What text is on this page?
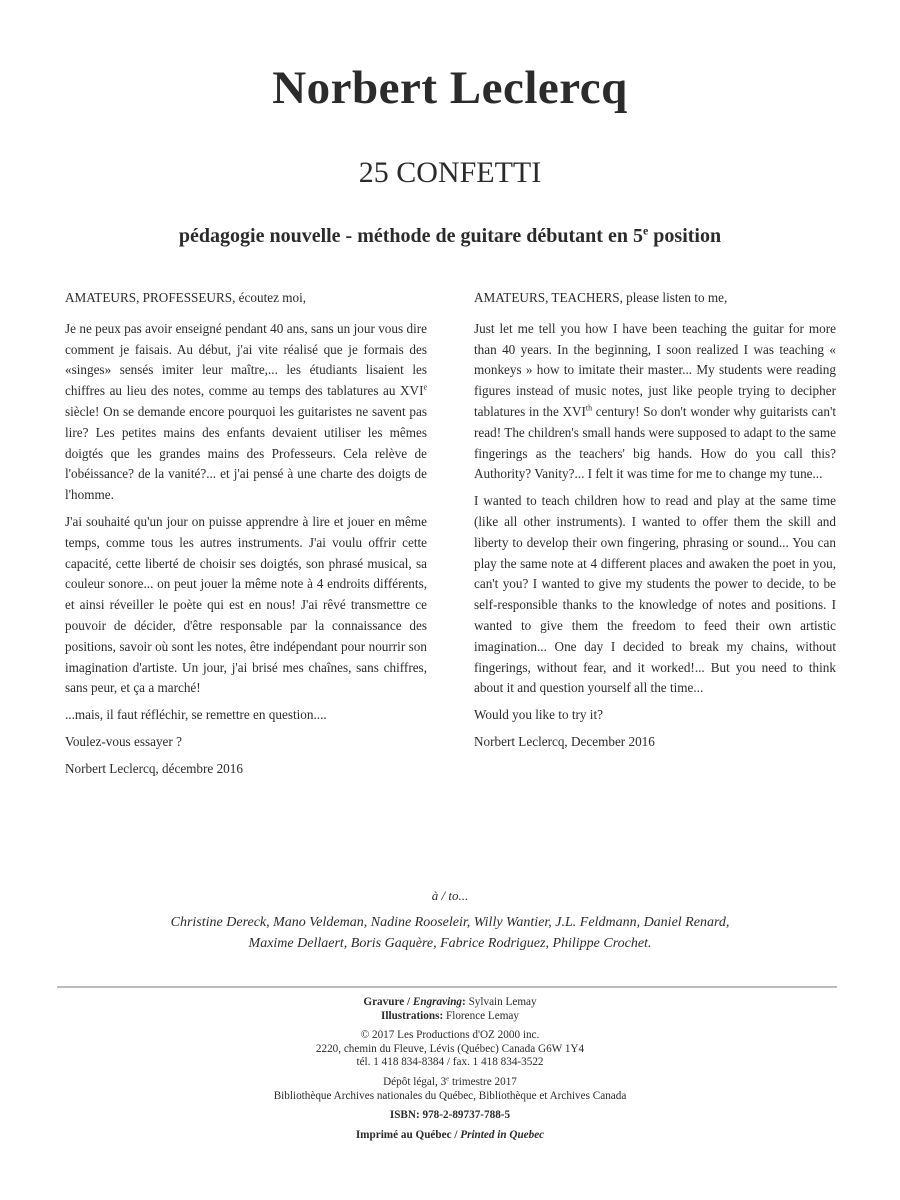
Norbert Leclercq
25 CONFETTI
pédagogie nouvelle - méthode de guitare débutant en 5e position

AMATEURS, PROFESSEURS, écoutez moi,

Je ne peux pas avoir enseigné pendant 40 ans, sans un jour vous dire comment je faisais. Au début, j'ai vite réalisé que je formais des «singes» sensés imiter leur maître,... les étudiants lisaient les chiffres au lieu des notes, comme au temps des tablatures au XVIe siècle! On se demande encore pourquoi les guitaristes ne savent pas lire? Les petites mains des enfants devaient utiliser les mêmes doigtés que les grandes mains des Professeurs. Cela relève de l'obéissance? de la vanité?... et j'ai pensé à une charte des doigts de l'homme.

J'ai souhaité qu'un jour on puisse apprendre à lire et jouer en même temps, comme tous les autres instruments. J'ai voulu offrir cette capacité, cette liberté de choisir ses doigtés, son phrasé musical, sa couleur sonore... on peut jouer la même note à 4 endroits différents, et ainsi réveiller le poète qui est en nous! J'ai rêvé transmettre ce pouvoir de décider, d'être responsable par la connaissance des positions, savoir où sont les notes, être indépendant pour nourrir son imagination d'artiste. Un jour, j'ai brisé mes chaînes, sans chiffres, sans peur, et ça a marché!

...mais, il faut réfléchir, se remettre en question....

Voulez-vous essayer ?

Norbert Leclercq, décembre 2016

AMATEURS, TEACHERS, please listen to me,

Just let me tell you how I have been teaching the guitar for more than 40 years. In the beginning, I soon realized I was teaching « monkeys » how to imitate their master... My students were reading figures instead of music notes, just like people trying to decipher tablatures in the XVIth century! So don't wonder why guitarists can't read! The children's small hands were supposed to adapt to the same fingerings as the teachers' big hands. How do you call this? Authority? Vanity?... I felt it was time for me to change my tune...

I wanted to teach children how to read and play at the same time (like all other instruments). I wanted to offer them the skill and liberty to develop their own fingering, phrasing or sound... You can play the same note at 4 different places and awaken the poet in you, can't you? I wanted to give my students the power to decide, to be self-responsible thanks to the knowledge of notes and positions. I wanted to give them the freedom to feed their own artistic imagination... One day I decided to break my chains, without fingerings, without fear, and it worked!... But you need to think about it and question yourself all the time...

Would you like to try it?

Norbert Leclercq, December 2016

à / to...

Christine Dereck, Mano Veldeman, Nadine Rooseleir, Willy Wantier, J.L. Feldmann, Daniel Renard, Maxime Dellaert, Boris Gaquère, Fabrice Rodriguez, Philippe Crochet.

Gravure / Engraving: Sylvain Lemay
Illustrations: Florence Lemay
© 2017 Les Productions d'OZ 2000 inc.
2220, chemin du Fleuve, Lévis (Québec) Canada G6W 1Y4
tél. 1 418 834-8384 / fax. 1 418 834-3522
Dépôt légal, 3e trimestre 2017
Bibliothèque Archives nationales du Québec, Bibliothèque et Archives Canada
ISBN: 978-2-89737-788-5
Imprimé au Québec / Printed in Quebec
